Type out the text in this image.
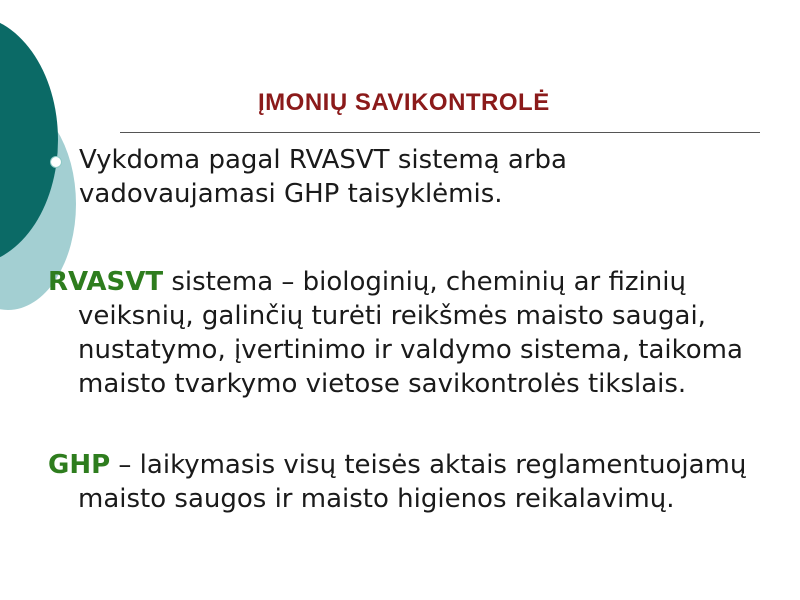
ĮMONIŲ SAVIKONTROLĖ
Vykdoma pagal RVASVT sistemą arba vadovaujamasi GHP taisyklėmis.

RVASVT sistema – biologinių, cheminių ar fizinių veiksnių, galinčių turėti reikšmės maisto saugai, nustatymo, įvertinimo ir valdymo sistema, taikoma maisto tvarkymo vietose savikontrolės tikslais.

GHP – laikymasis visų teisės aktais reglamentuojamų maisto saugos ir maisto higienos reikalavimų.
